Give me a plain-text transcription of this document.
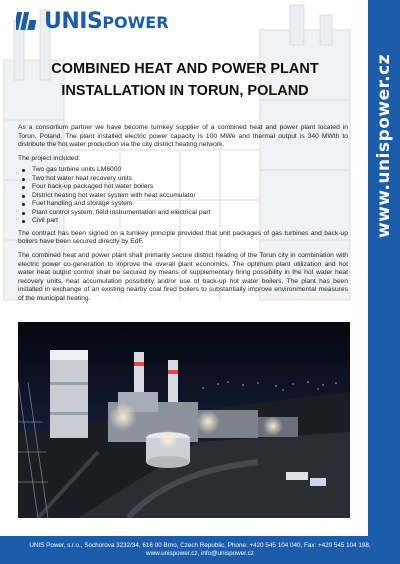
UNISPOWER
COMBINED HEAT AND POWER PLANT
INSTALLATION IN TORUN, POLAND

As a consortium partner we have become turnkey supplier of a combined heat and power plant located in Torun, Poland. The plant installed electric power capacity is 100 MWe and thermal output is 340 MWth to distribute the hot water production via the city district heating network.

The project included:

Two gas turbine units LM6000
Two hot water heat recovery units
Four back-up packaged hot water boilers
District heating hot water system with heat accumulator
Fuel handling and storage system
Plant control system, field instrumentation and electrical part
Civil part

The contract has been signed on a turnkey principle provided that unit packages of gas turbines and back-up boilers have been secured directly by EdF.

The combined heat and power plant shall primarily secure district heating of the Torun city in combination with electric power co-generation to improve the overall plant economics. The optimum plant utilization and hot water heat output control shall be secured by means of supplementary firing possibility in the hot water heat recovery units, heat accumulation possibility and/or use of back-up hot water boilers. The plant has been installed in exchange of an existing nearby coal fired boilers to substantially improve environmental measures of the municipal heating.

www.unispower.cz
UNIS Power, s.r.o., Sochorova 3232/34, 616 00 Brno, Czech Republic, Phone: +420 545 104 040, Fax: +420 545 104 198,
www.unispower.cz, info@unispower.cz
